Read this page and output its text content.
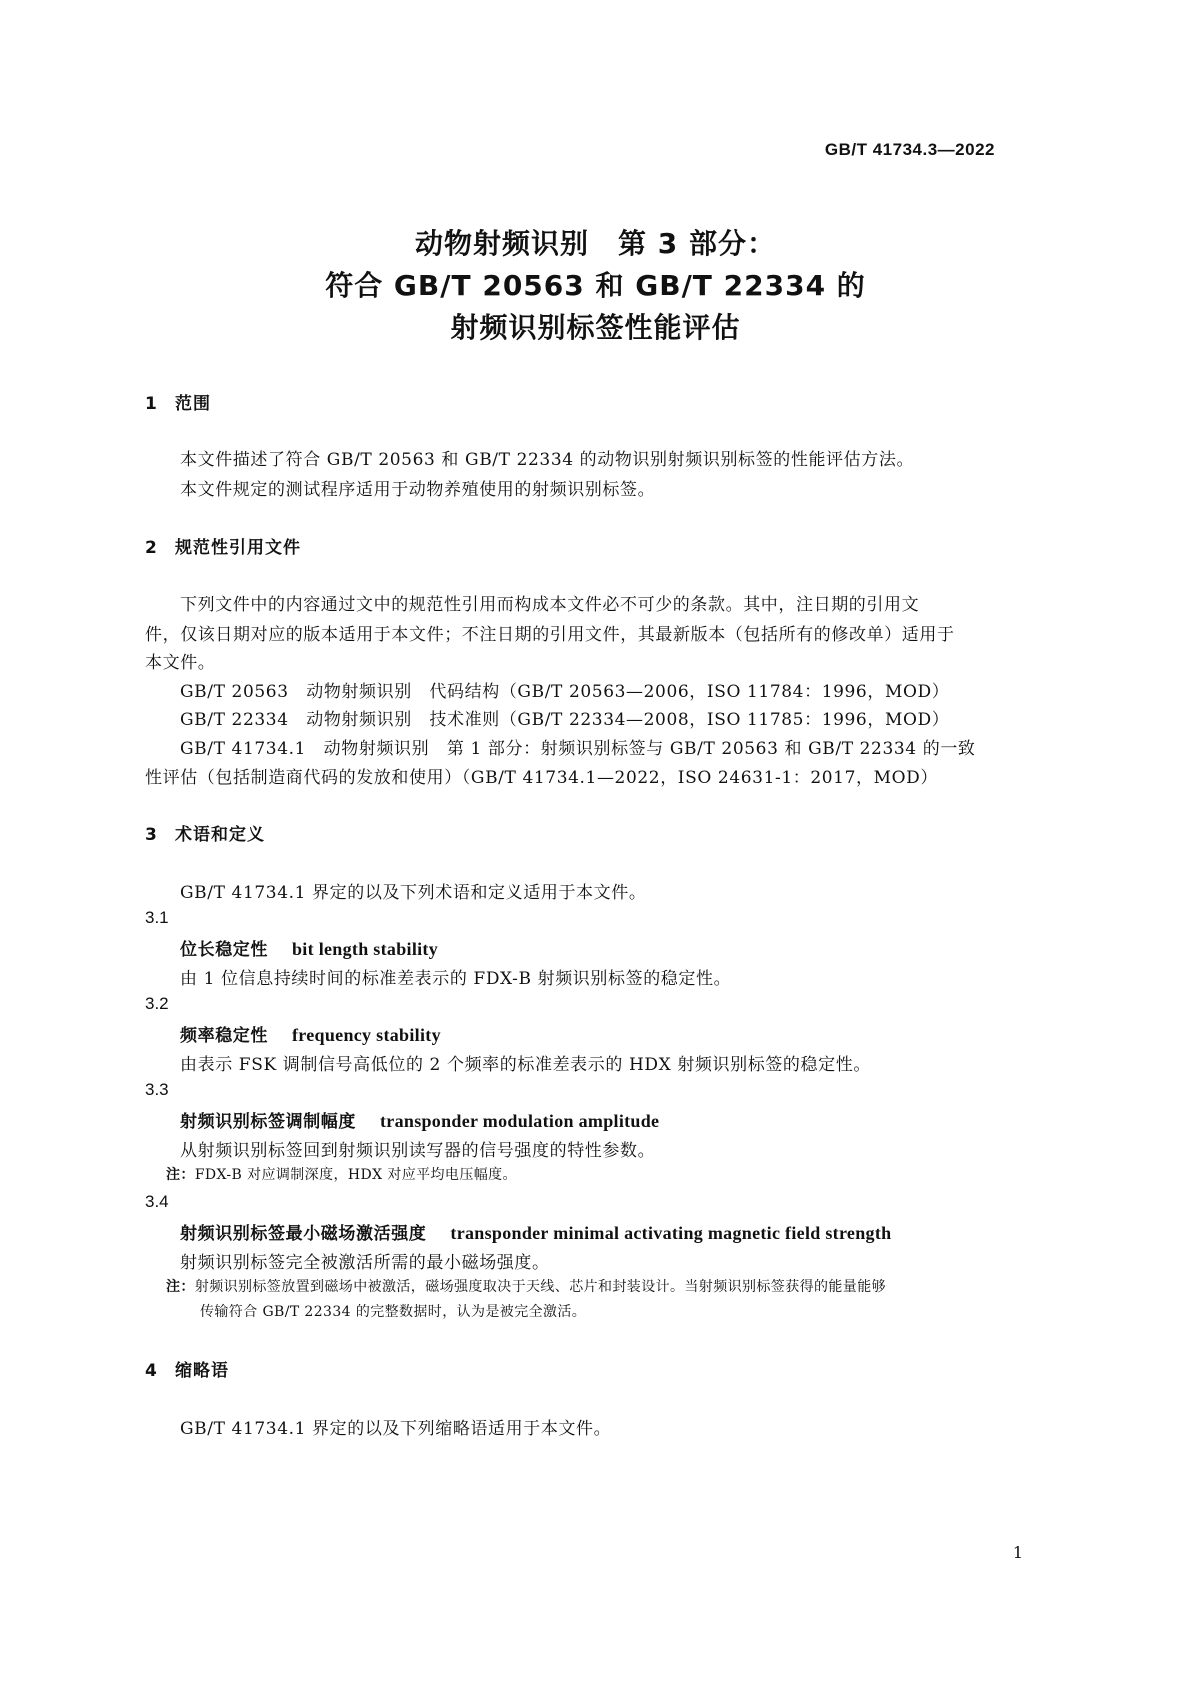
GB/T 41734.3—2022
动物射频识别　第 3 部分：
符合 GB/T 20563 和 GB/T 22334 的
射频识别标签性能评估
1 范围
本文件描述了符合 GB/T 20563 和 GB/T 22334 的动物识别射频识别标签的性能评估方法。
本文件规定的测试程序适用于动物养殖使用的射频识别标签。
2 规范性引用文件
下列文件中的内容通过文中的规范性引用而构成本文件必不可少的条款。其中，注日期的引用文
件，仅该日期对应的版本适用于本文件；不注日期的引用文件，其最新版本（包括所有的修改单）适用于
本文件。
GB/T 20563　动物射频识别　代码结构（GB/T 20563—2006，ISO 11784：1996，MOD）
GB/T 22334　动物射频识别　技术准则（GB/T 22334—2008，ISO 11785：1996，MOD）
GB/T 41734.1　动物射频识别　第 1 部分：射频识别标签与 GB/T 20563 和 GB/T 22334 的一致
性评估（包括制造商代码的发放和使用）（GB/T 41734.1—2022，ISO 24631-1：2017，MOD）
3 术语和定义
GB/T 41734.1 界定的以及下列术语和定义适用于本文件。
3.1
位长稳定性 bit length stability
由 1 位信息持续时间的标准差表示的 FDX-B 射频识别标签的稳定性。
3.2
频率稳定性 frequency stability
由表示 FSK 调制信号高低位的 2 个频率的标准差表示的 HDX 射频识别标签的稳定性。
3.3
射频识别标签调制幅度 transponder modulation amplitude
从射频识别标签回到射频识别读写器的信号强度的特性参数。
注：FDX-B 对应调制深度，HDX 对应平均电压幅度。
3.4
射频识别标签最小磁场激活强度 transponder minimal activating magnetic field strength
射频识别标签完全被激活所需的最小磁场强度。
注：射频识别标签放置到磁场中被激活，磁场强度取决于天线、芯片和封装设计。当射频识别标签获得的能量能够
传输符合 GB/T 22334 的完整数据时，认为是被完全激活。
4 缩略语
GB/T 41734.1 界定的以及下列缩略语适用于本文件。
1
